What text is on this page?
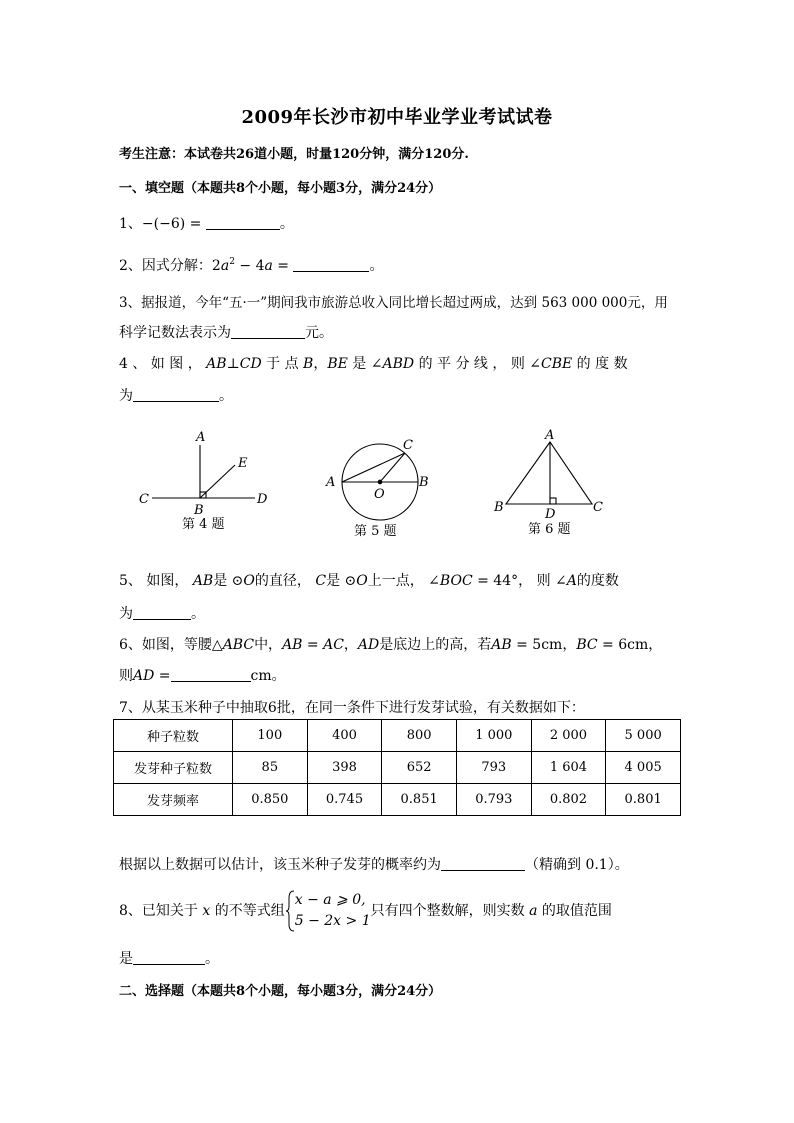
2009年长沙市初中毕业学业考试试卷
考生注意：本试卷共26道小题，时量120分钟，满分120分.
一、填空题（本题共8个小题，每小题3分，满分24分）
1、−(−6) =	。
2、因式分解：$2a^2 - 4a$ =	。
3、据报道，今年“五·一”期间我市旅游总收入同比增长超过两成，达到 563 000 000元，用
科学记数法表示为	元。
4 、 如 图 ， AB⊥CD 于 点 B，BE 是 ∠ABD 的 平 分 线 ， 则 ∠CBE 的 度 数
为	。
A
E
C	D
B
第 4 题
A	B
C
O
第 5 题
A
B	C
D
第 6 题
5、 如图， AB是 ⊙O的直径， C是 ⊙O上一点， ∠BOC = 44°， 则 ∠A的度数
为	。
6、如图，等腰△ABC中，AB = AC，AD是底边上的高，若AB = 5cm，BC = 6cm，
则AD =	cm。
7、从某玉米种子中抽取6批，在同一条件下进行发芽试验，有关数据如下：
种子粒数	100	400	800	1 000	2 000	5 000
发芽种子粒数	85	398	652	793	1 604	4 005
发芽频率	0.850	0.745	0.851	0.793	0.802	0.801
根据以上数据可以估计，该玉米种子发芽的概率约为	（精确到 0.1）。
8、已知关于 x 的不等式组
x − a ⩾ 0,
5 − 2x > 1只有四个整数解，则实数 a 的取值范围
是	。
二、选择题（本题共8个小题，每小题3分，满分24分）
